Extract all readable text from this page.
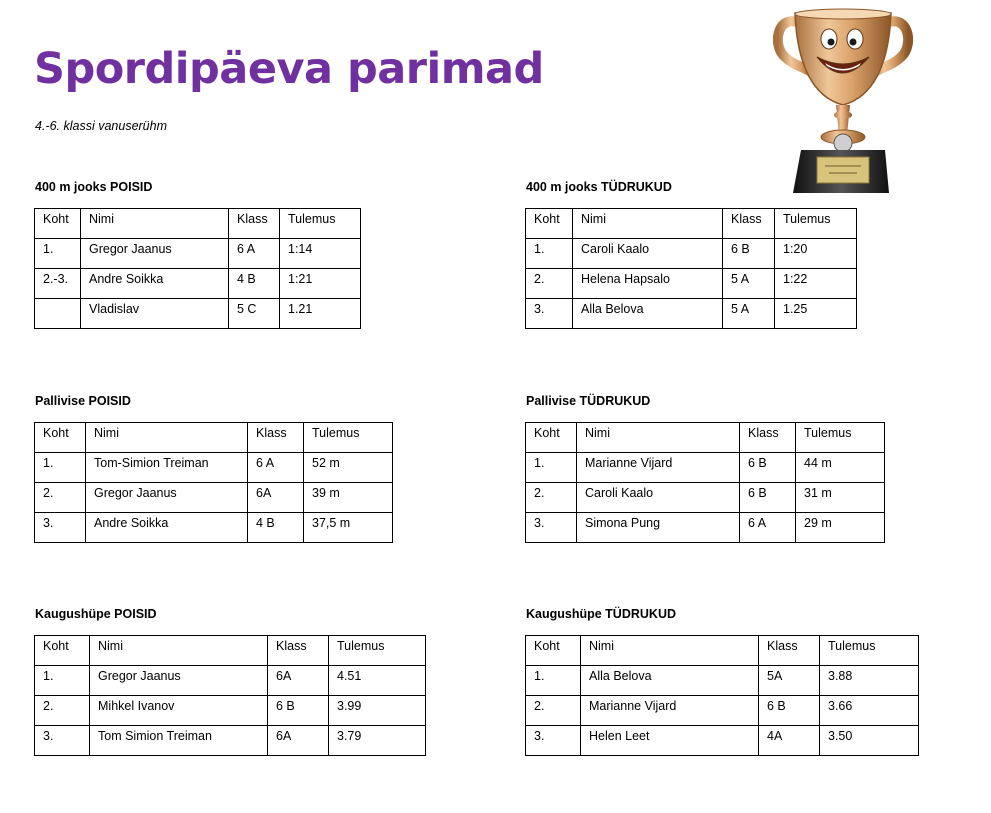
Spordipäeva parimad
4.-6. klassi vanuserühm
400 m jooks POISID
Koht	Nimi	Klass	Tulemus
1.	Gregor Jaanus	6 A	1:14
2.-3.	Andre Soikka	4 B	1:21
	Vladislav	5 C	1.21
400 m jooks TÜDRUKUD
Koht	Nimi	Klass	Tulemus
1.	Caroli Kaalo	6 B	1:20
2.	Helena Hapsalo	5 A	1:22
3.	Alla Belova	5 A	1.25
Pallivise POISID
Koht	Nimi	Klass	Tulemus
1.	Tom-Simion Treiman	6 A	52 m
2.	Gregor Jaanus	6A	39 m
3.	Andre Soikka	4 B	37,5 m
Pallivise TÜDRUKUD
Koht	Nimi	Klass	Tulemus
1.	Marianne Vijard	6 B	44 m
2.	Caroli Kaalo	6 B	31 m
3.	Simona Pung	6 A	29 m
Kaugushüpe POISID
Koht	Nimi	Klass	Tulemus
1.	Gregor Jaanus	6A	4.51
2.	Mihkel Ivanov	6 B	3.99
3.	Tom Simion Treiman	6A	3.79
Kaugushüpe TÜDRUKUD
Koht	Nimi	Klass	Tulemus
1.	Alla Belova	5A	3.88
2.	Marianne Vijard	6 B	3.66
3.	Helen Leet	4A	3.50
